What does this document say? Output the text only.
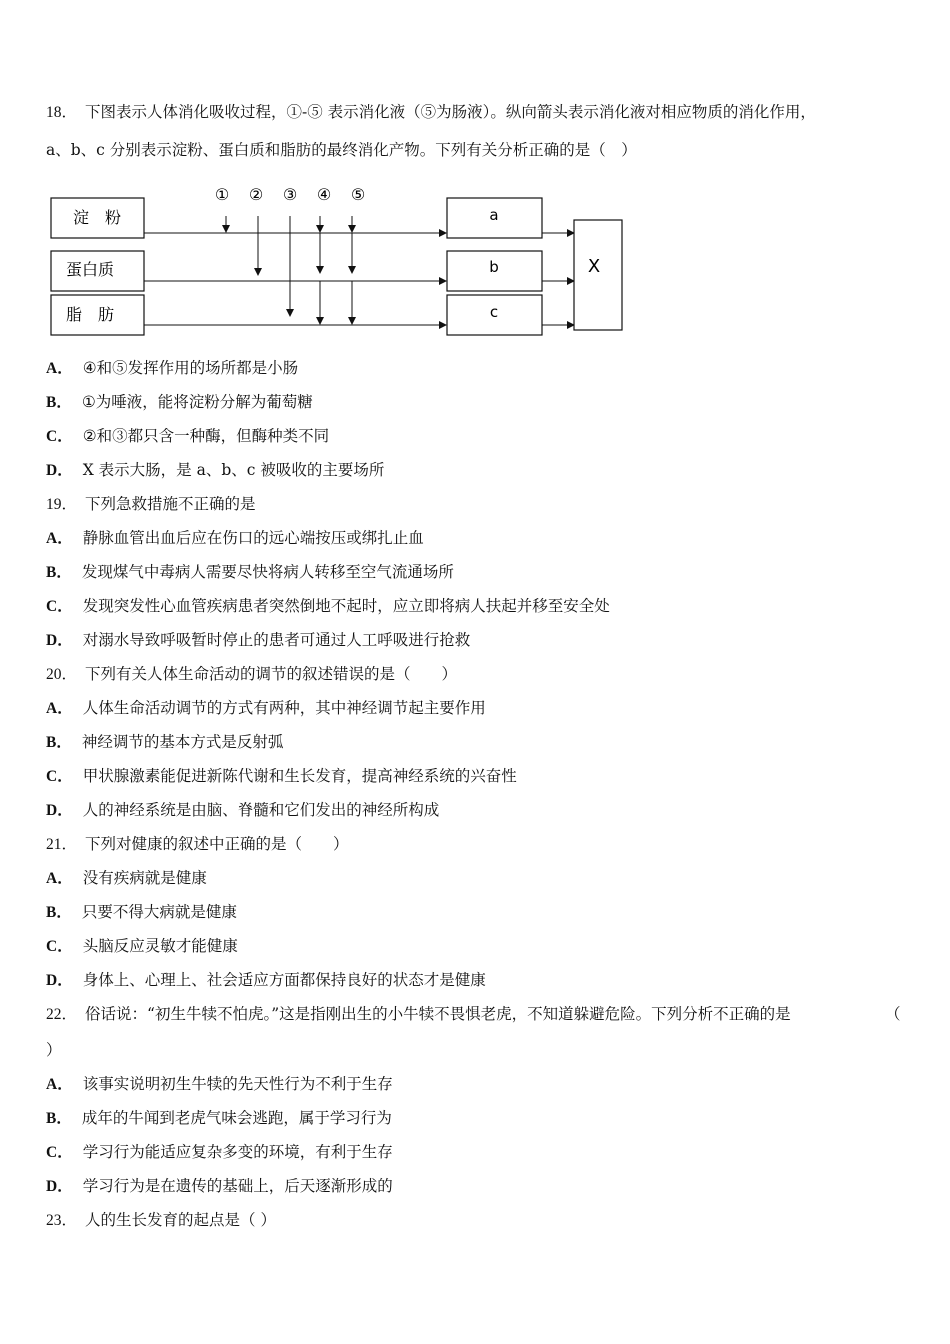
18． 下图表示人体消化吸收过程，①-⑤ 表示消化液（⑤为肠液）。纵向箭头表示消化液对相应物质的消化作用，
a、b、c 分别表示淀粉、蛋白质和脂肪的最终消化产物。下列有关分析正确的是（　）
淀　粉
蛋白质
脂　肪
① ② ③ ④ ⑤
a
b
c
X
A． ④和⑤发挥作用的场所都是小肠
B． ①为唾液，能将淀粉分解为葡萄糖
C． ②和③都只含一种酶，但酶种类不同
D． X 表示大肠，是 a、b、c 被吸收的主要场所
19． 下列急救措施不正确的是
A． 静脉血管出血后应在伤口的远心端按压或绑扎止血
B． 发现煤气中毒病人需要尽快将病人转移至空气流通场所
C． 发现突发性心血管疾病患者突然倒地不起时，应立即将病人扶起并移至安全处
D． 对溺水导致呼吸暂时停止的患者可通过人工呼吸进行抢救
20． 下列有关人体生命活动的调节的叙述错误的是（　　）
A． 人体生命活动调节的方式有两种，其中神经调节起主要作用
B． 神经调节的基本方式是反射弧
C． 甲状腺激素能促进新陈代谢和生长发育，提高神经系统的兴奋性
D． 人的神经系统是由脑、脊髓和它们发出的神经所构成
21． 下列对健康的叙述中正确的是（　　）
A． 没有疾病就是健康
B． 只要不得大病就是健康
C． 头脑反应灵敏才能健康
D． 身体上、心理上、社会适应方面都保持良好的状态才是健康
22． 俗话说：“初生牛犊不怕虎。”这是指刚出生的小牛犊不畏惧老虎，不知道躲避危险。下列分析不正确的是	（
）
A． 该事实说明初生牛犊的先天性行为不利于生存
B． 成年的牛闻到老虎气味会逃跑，属于学习行为
C． 学习行为能适应复杂多变的环境，有利于生存
D． 学习行为是在遗传的基础上，后天逐渐形成的
23． 人的生长发育的起点是（ ）
